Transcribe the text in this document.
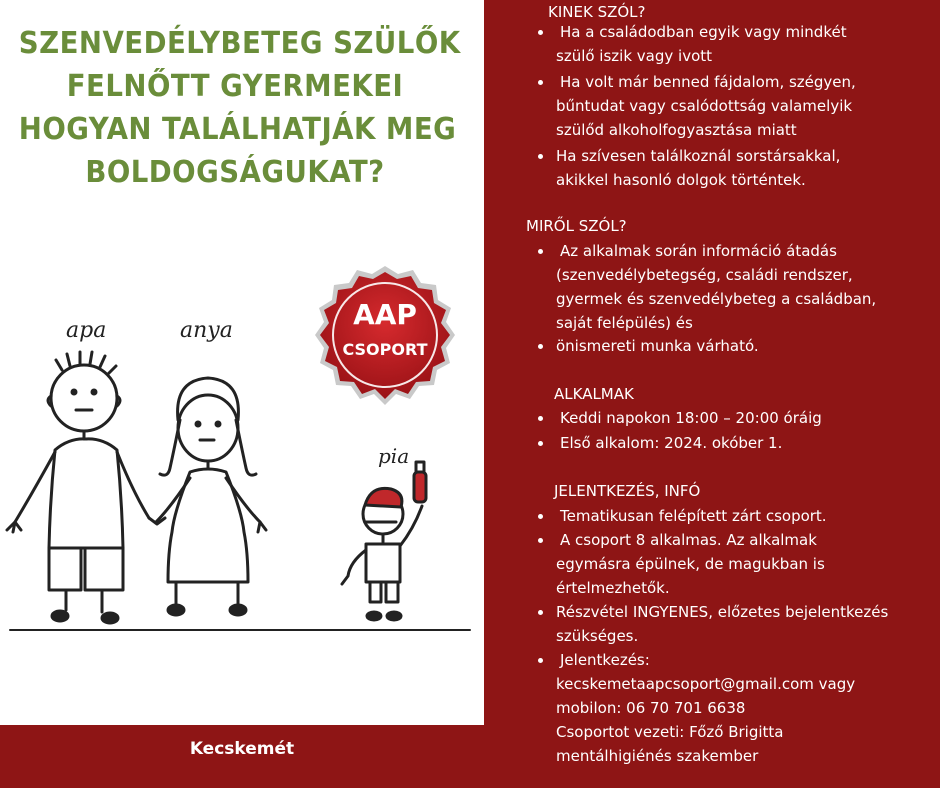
SZENVEDÉLYBETEG SZÜLŐK
FELNŐTT GYERMEKEI
HOGYAN TALÁLHATJÁK MEG
BOLDOGSÁGUKAT?
AAP
CSOPORT
apa	anya
pia
Kecskemét
KINEK SZÓL?
Ha a családodban egyik vagy mindkét
szülő iszik vagy ivott
Ha volt már benned fájdalom, szégyen,
bűntudat vagy csalódottság valamelyik
szülőd alkoholfogyasztása miatt
Ha szívesen találkoznál sorstársakkal,
akikkel hasonló dolgok történtek.
MIRŐL SZÓL?
Az alkalmak során információ átadás
(szenvedélybetegség, családi rendszer,
gyermek és szenvedélybeteg a családban,
saját felépülés) és
önismereti munka várható.
ALKALMAK
Keddi napokon 18:00 – 20:00 óráig
Első alkalom: 2024. okóber 1.
JELENTKEZÉS, INFÓ
Tematikusan felépített zárt csoport.
A csoport 8 alkalmas. Az alkalmak
egymásra épülnek, de magukban is
értelmezhetők.
Részvétel INGYENES, előzetes bejelentkezés
szükséges.
Jelentkezés:
kecskemetaapcsoport@gmail.com vagy
mobilon: 06 70 701 6638
Csoportot vezeti: Főző Brigitta
mentálhigiénés szakember
